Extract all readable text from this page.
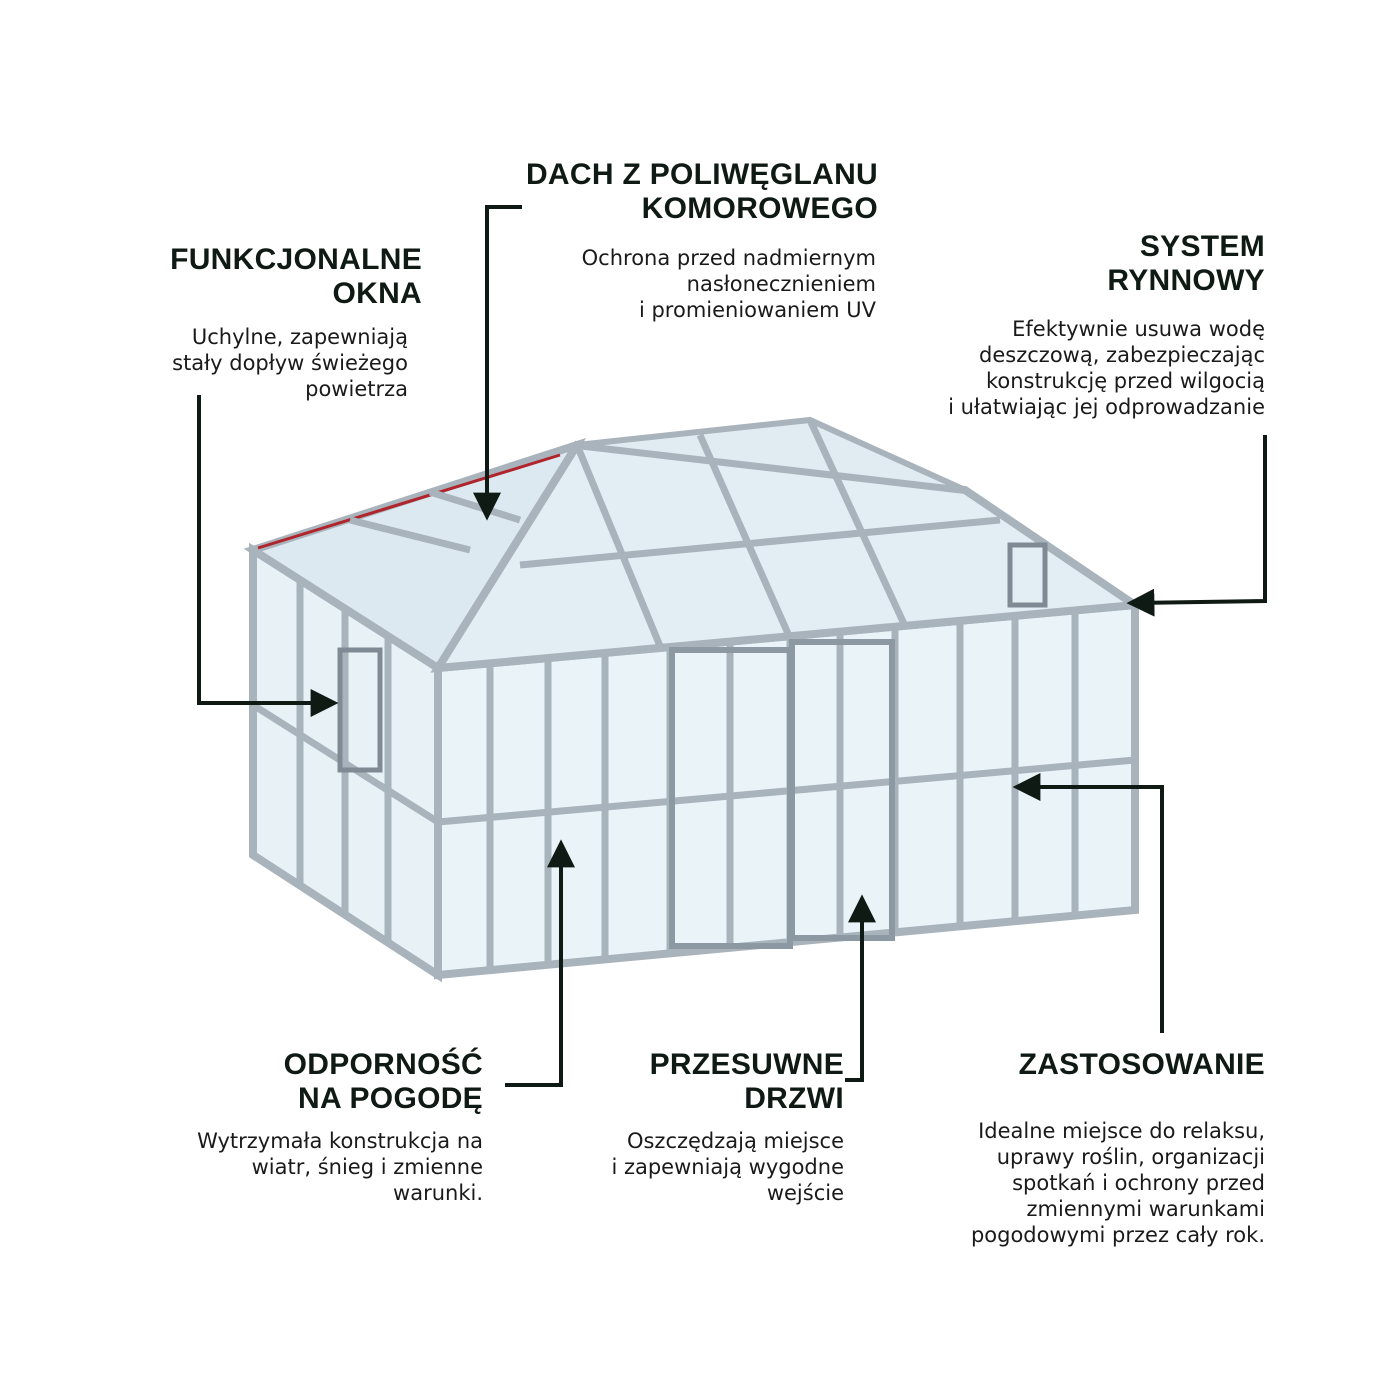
DACH Z POLIWĘGLANU
KOMOROWEGO
Ochrona przed nadmiernym
nasłonecznieniem
i promieniowaniem UV
FUNKCJONALNE
OKNA
Uchylne, zapewniają
stały dopływ świeżego
powietrza
SYSTEM
RYNNOWY
Efektywnie usuwa wodę
deszczową, zabezpieczając
konstrukcję przed wilgocią
i ułatwiając jej odprowadzanie
ODPORNOŚĆ
NA POGODĘ
Wytrzymała konstrukcja na
wiatr, śnieg i zmienne
warunki.
PRZESUWNE
DRZWI
Oszczędzają miejsce
i zapewniają wygodne
wejście
ZASTOSOWANIE
Idealne miejsce do relaksu,
uprawy roślin, organizacji
spotkań i ochrony przed
zmiennymi warunkami
pogodowymi przez cały rok.
